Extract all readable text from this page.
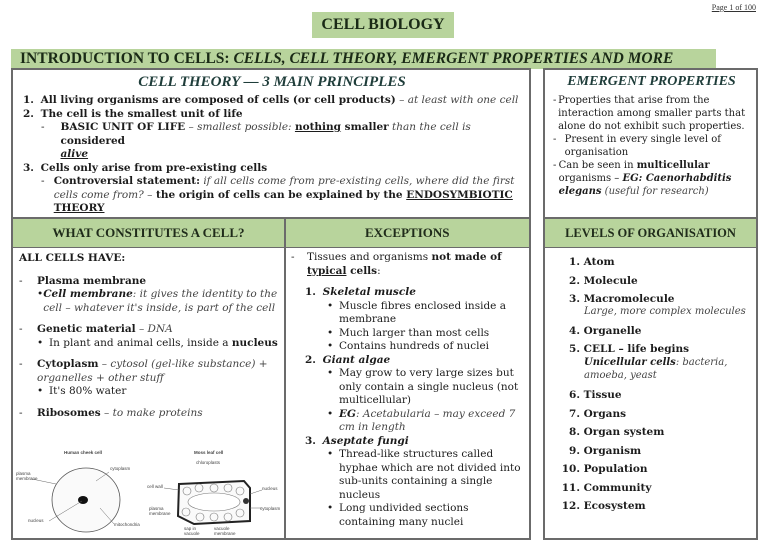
Page 1 of 100
CELL BIOLOGY
INTRODUCTION TO CELLS: CELLS, CELL THEORY, EMERGENT PROPERTIES AND MORE
CELL THEORY — 3 MAIN PRINCIPLES
1. All living organisms are composed of cells (or cell products) – at least with one cell
2. The cell is the smallest unit of life
-	BASIC UNIT OF LIFE – smallest possible: nothing smaller than the cell is considered
alive
3. Cells only arise from pre-existing cells
- Controversial statement: if all cells come from pre-existing cells, where did the first cells come from? – the origin of cells can be explained by the ENDOSYMBIOTIC THEORY
EMERGENT PROPERTIES
- Properties that arise from the interaction among smaller parts that alone do not exhibit such properties.
- Present in every single level of organisation
- Can be seen in multicellular organisms – EG: Caenorhabditis elegans (useful for research)
WHAT CONSTITUTES A CELL?	EXCEPTIONS
ALL CELLS HAVE:
- Plasma membrane
• Cell membrane: it gives the identity to the cell – whatever it's inside, is part of the cell
- Genetic material – DNA
• In plant and animal cells, inside a nucleus
-	Cytoplasm – cytosol (gel-like substance) + organelles + other stuff
• It's 80% water
- Ribosomes – to make proteins
Human cheek cell
plasma membrane
cytoplasm
nucleus
mitochondria
Moss leaf cell
chloroplasts
cell wall	nucleus
plasma membrane
cytoplasm
sap in vacuole
vacuole membrane
-	Tissues and organisms not made of
typical cells:
1. Skeletal muscle
• Muscle fibres enclosed inside a membrane
• Much larger than most cells
• Contains hundreds of nuclei
2. Giant algae
• May grow to very large sizes but only contain a single nucleus (not multicellular)
• EG: Acetabularia – may exceed 7 cm in length
3. Aseptate fungi
• Thread-like structures called hyphae which are not divided into sub-units containing a single nucleus
• Long undivided sections containing many nuclei
LEVELS OF ORGANISATION
1. Atom
2. Molecule
3. Macromolecule
Large, more complex molecules
4. Organelle
5. CELL – life begins
Unicellular cells: bacteria, amoeba, yeast
6. Tissue
7. Organs
8. Organ system
9. Organism
10. Population
11. Community
12. Ecosystem
